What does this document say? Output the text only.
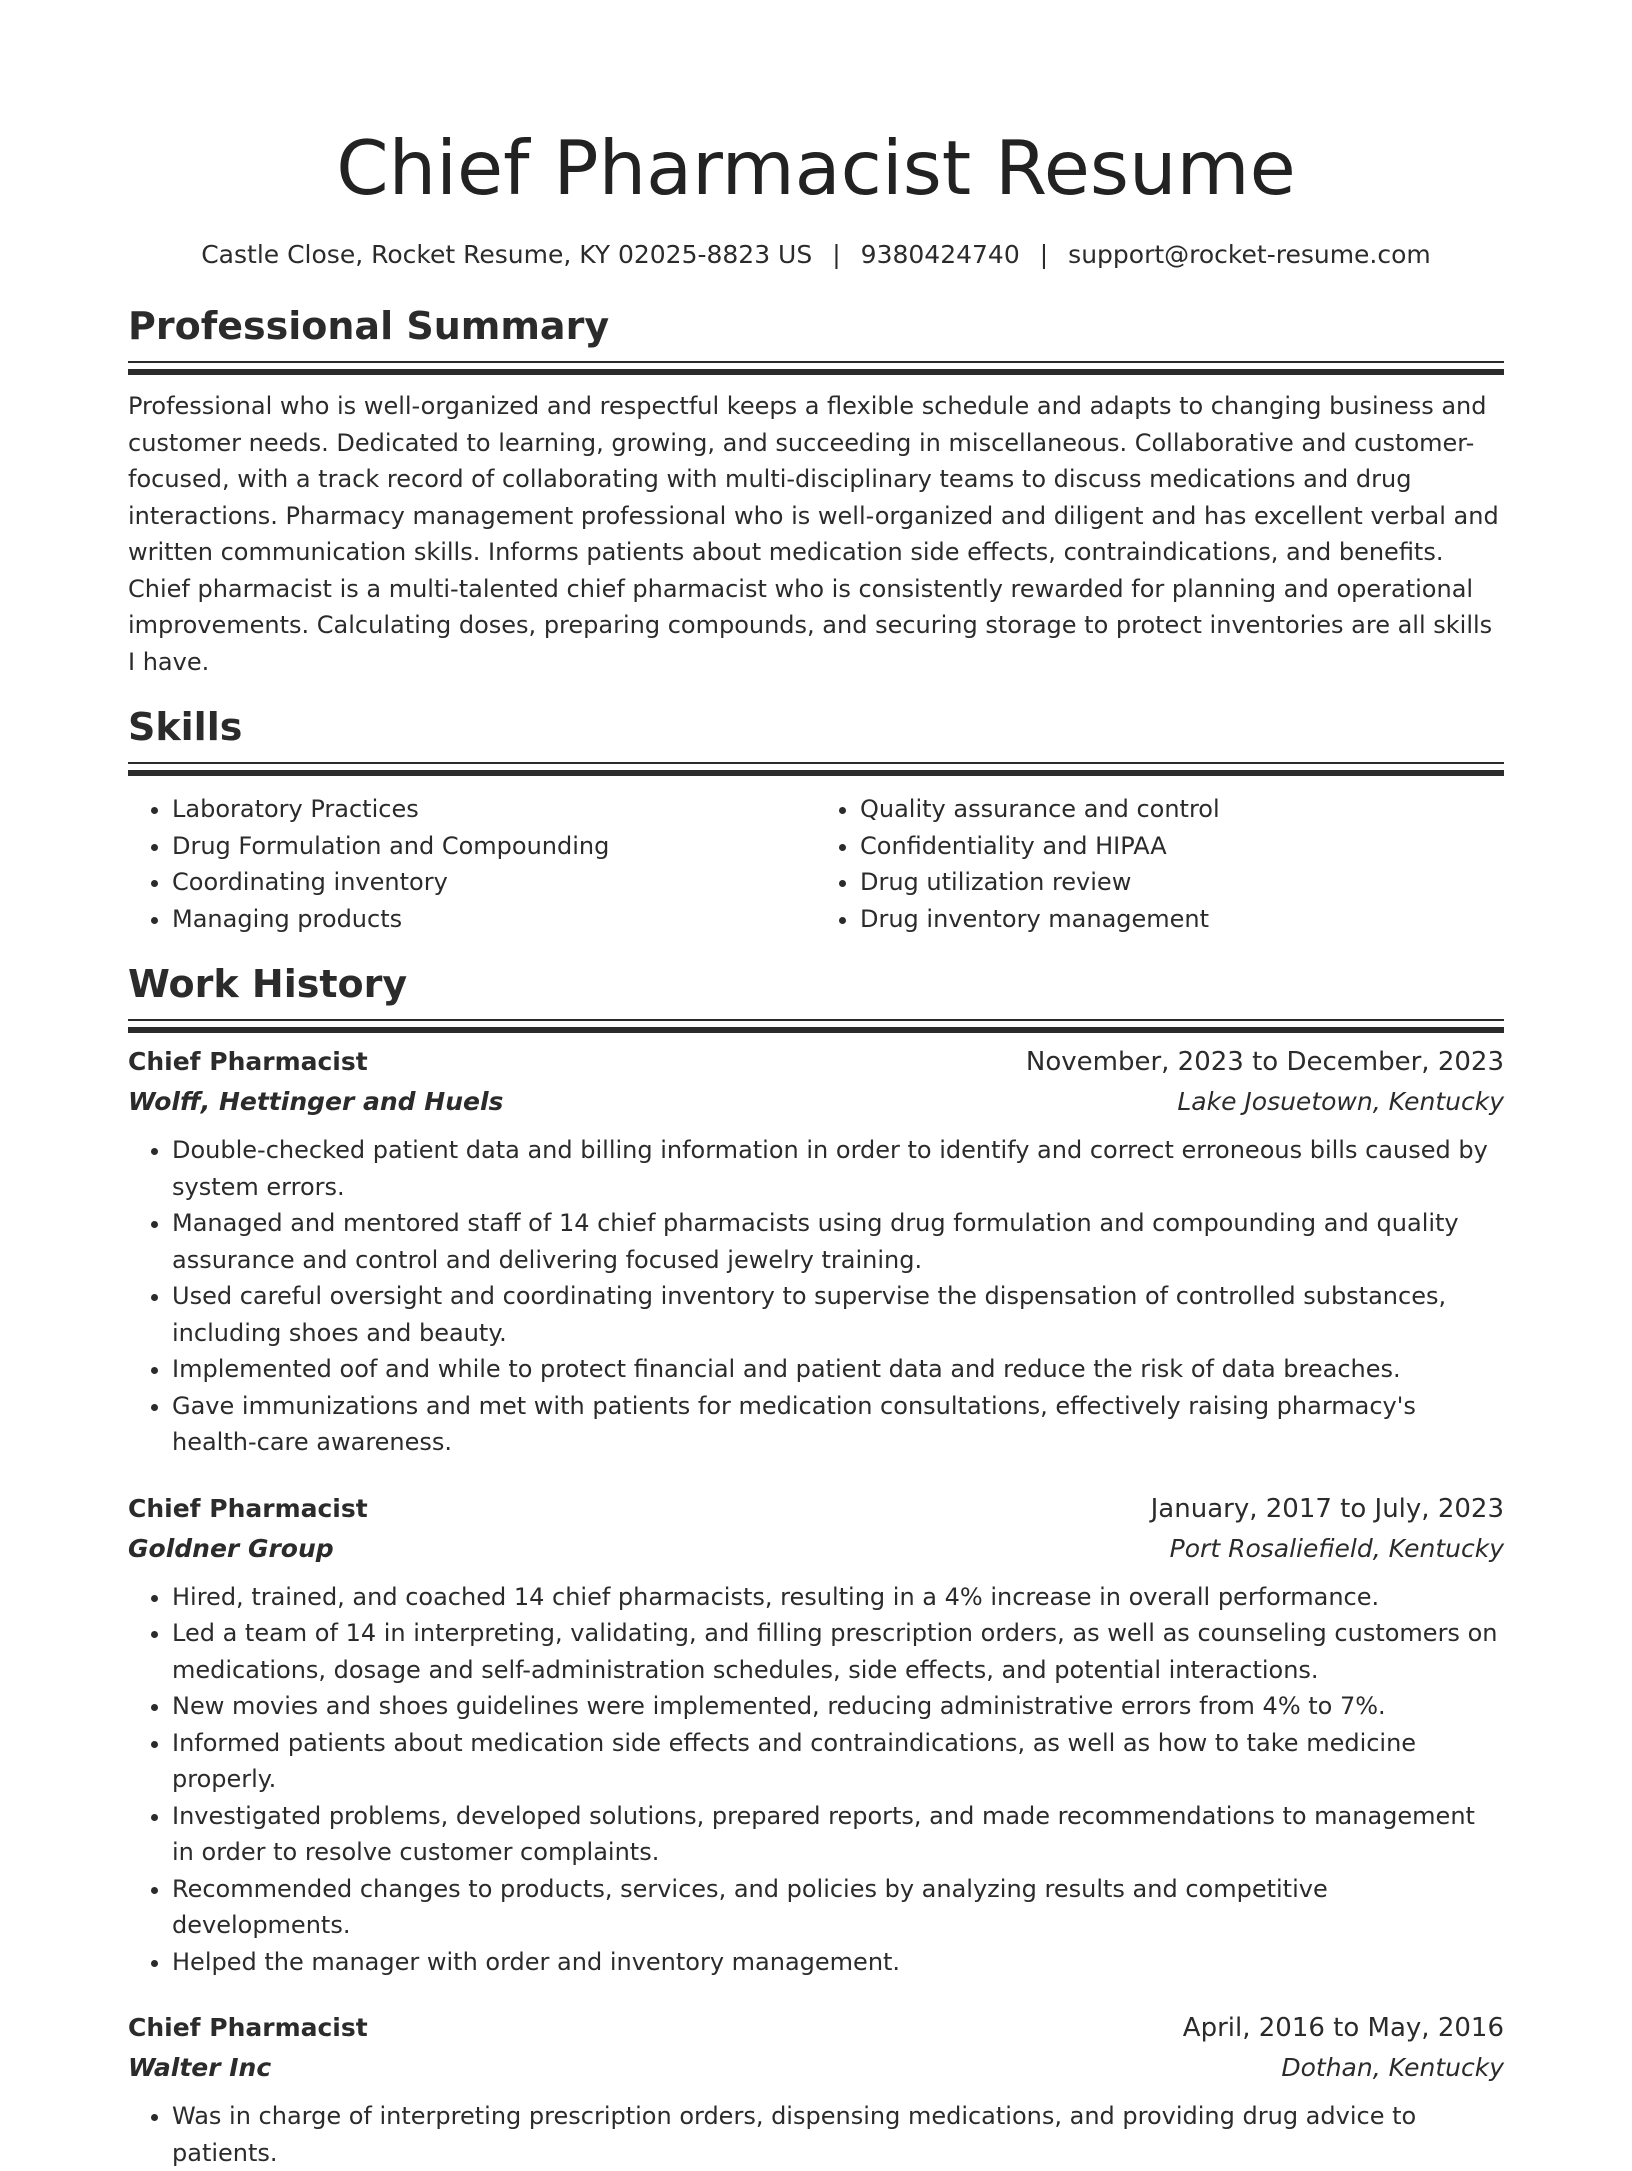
Chief Pharmacist Resume
Castle Close, Rocket Resume, KY 02025-8823 US | 9380424740 | support@rocket-resume.com
Professional Summary
Professional who is well-organized and respectful keeps a flexible schedule and adapts to changing business and customer needs. Dedicated to learning, growing, and succeeding in miscellaneous. Collaborative and customer-focused, with a track record of collaborating with multi-disciplinary teams to discuss medications and drug interactions. Pharmacy management professional who is well-organized and diligent and has excellent verbal and written communication skills. Informs patients about medication side effects, contraindications, and benefits. Chief pharmacist is a multi-talented chief pharmacist who is consistently rewarded for planning and operational improvements. Calculating doses, preparing compounds, and securing storage to protect inventories are all skills I have.
Skills
• Laboratory Practices
• Drug Formulation and Compounding
• Coordinating inventory
• Managing products
• Quality assurance and control
• Confidentiality and HIPAA
• Drug utilization review
• Drug inventory management
Work History
Chief Pharmacist	November, 2023 to December, 2023
Wolff, Hettinger and Huels	Lake Josuetown, Kentucky
• Double-checked patient data and billing information in order to identify and correct erroneous bills caused by system errors.
• Managed and mentored staff of 14 chief pharmacists using drug formulation and compounding and quality assurance and control and delivering focused jewelry training.
• Used careful oversight and coordinating inventory to supervise the dispensation of controlled substances, including shoes and beauty.
• Implemented oof and while to protect financial and patient data and reduce the risk of data breaches.
• Gave immunizations and met with patients for medication consultations, effectively raising pharmacy's health-care awareness.
Chief Pharmacist	January, 2017 to July, 2023
Goldner Group	Port Rosaliefield, Kentucky
• Hired, trained, and coached 14 chief pharmacists, resulting in a 4% increase in overall performance.
• Led a team of 14 in interpreting, validating, and filling prescription orders, as well as counseling customers on medications, dosage and self-administration schedules, side effects, and potential interactions.
• New movies and shoes guidelines were implemented, reducing administrative errors from 4% to 7%.
• Informed patients about medication side effects and contraindications, as well as how to take medicine properly.
• Investigated problems, developed solutions, prepared reports, and made recommendations to management in order to resolve customer complaints.
• Recommended changes to products, services, and policies by analyzing results and competitive developments.
• Helped the manager with order and inventory management.
Chief Pharmacist	April, 2016 to May, 2016
Walter Inc	Dothan, Kentucky
• Was in charge of interpreting prescription orders, dispensing medications, and providing drug advice to patients.
